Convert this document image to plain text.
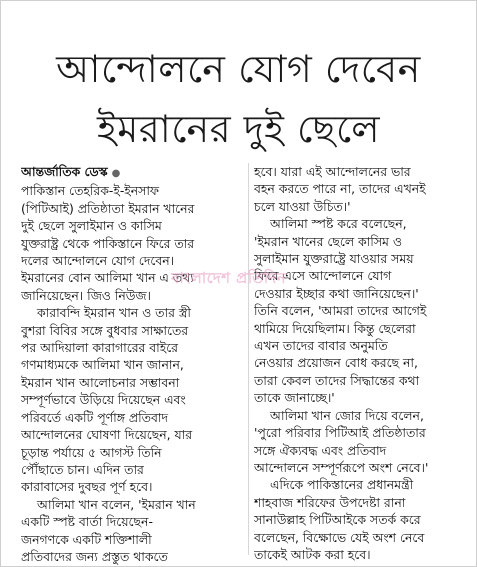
আন্দোলনে যোগ দেবেন
ইমরানের দুই ছেলে
আন্তর্জাতিক ডেস্ক ●
পাকিস্তান তেহরিক-ই-ইনসাফ
(পিটিআই) প্রতিষ্ঠাতা ইমরান খানের
দুই ছেলে সুলাইমান ও কাসিম
যুক্তরাষ্ট্র থেকে পাকিস্তানে ফিরে তার
দলের আন্দোলনে যোগ দেবেন।
ইমরানের বোন আলিমা খান এ তথ্য
জানিয়েছেন। জিও নিউজ।
কারাবন্দি ইমরান খান ও তার স্ত্রী
বুশরা বিবির সঙ্গে বুধবার সাক্ষাতের
পর আদিয়ালা কারাগারের বাইরে
গণমাধ্যমকে আলিমা খান জানান,
ইমরান খান আলোচনার সম্ভাবনা
সম্পূর্ণভাবে উড়িয়ে দিয়েছেন এবং
পরিবর্তে একটি পূর্ণাঙ্গ প্রতিবাদ
আন্দোলনের ঘোষণা দিয়েছেন, যার
চূড়ান্ত পর্যায়ে ৫ আগস্ট তিনি
পৌঁছাতে চান। এদিন তার
কারাবাসের দুবছর পূর্ণ হবে।
আলিমা খান বলেন, 'ইমরান খান
একটি স্পষ্ট বার্তা দিয়েছেন-
জনগণকে একটি শক্তিশালী
প্রতিবাদের জন্য প্রস্তুত থাকতে
হবে। যারা এই আন্দোলনের ভার
বহন করতে পারে না, তাদের এখনই
চলে যাওয়া উচিত।'
আলিমা স্পষ্ট করে বলেছেন,
'ইমরান খানের ছেলে কাসিম ও
সুলাইমান যুক্তরাষ্ট্রে যাওয়ার সময়
ফিরে এসে আন্দোলনে যোগ
দেওয়ার ইচ্ছার কথা জানিয়েছেন।'
তিনি বলেন, 'আমরা তাদের আগেই
থামিয়ে দিয়েছিলাম। কিন্তু ছেলেরা
এখন তাদের বাবার অনুমতি
নেওয়ার প্রয়োজন বোধ করছে না,
তারা কেবল তাদের সিদ্ধান্তের কথা
তাকে জানাচ্ছে।'
আলিমা খান জোর দিয়ে বলেন,
'পুরো পরিবার পিটিআই প্রতিষ্ঠাতার
সঙ্গে ঐক্যবদ্ধ এবং প্রতিবাদ
আন্দোলনে সম্পূর্ণরূপে অংশ নেবে।'
এদিকে পাকিস্তানের প্রধানমন্ত্রী
শাহবাজ শরিফের উপদেষ্টা রানা
সানাউল্লাহ পিটিআইকে সতর্ক করে
বলেছেন, বিক্ষোভে যেই অংশ নেবে
তাকেই আটক করা হবে।
বাংলাদেশ প্রতিদিন
